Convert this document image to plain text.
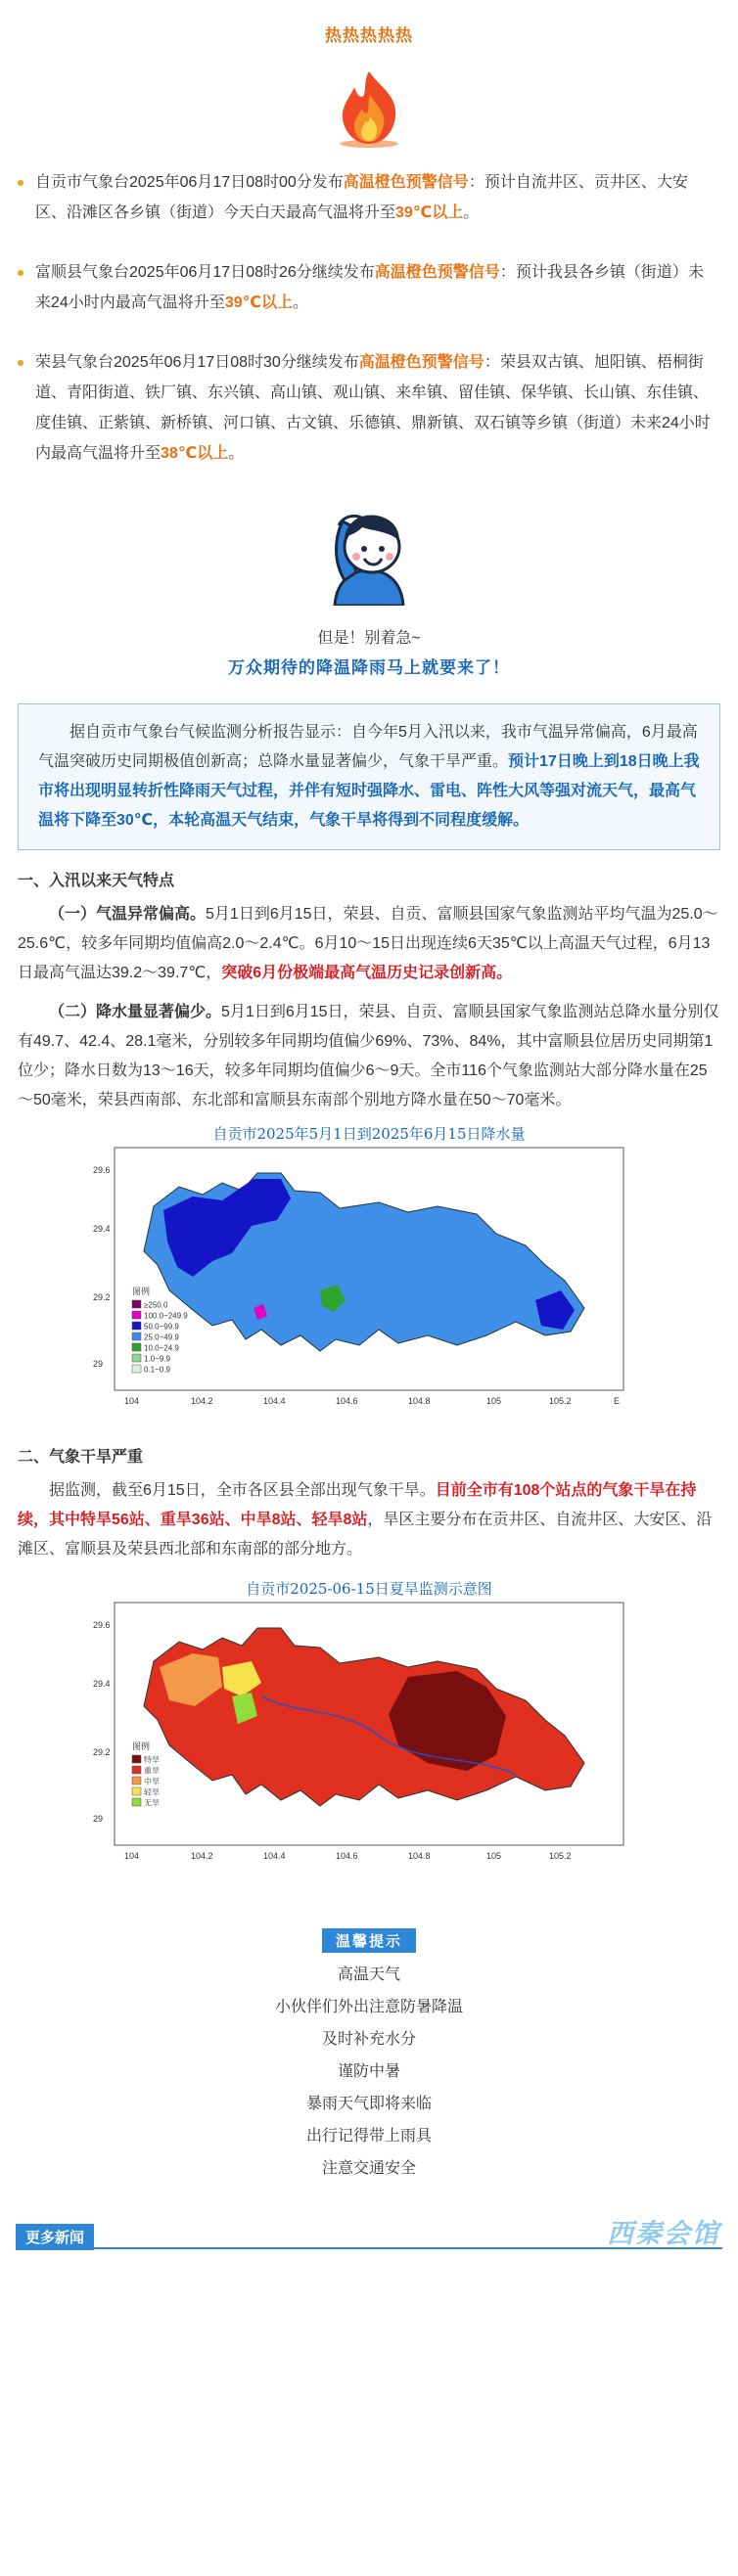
热热热热热
自贡市气象台2025年06月17日08时00分发布高温橙色预警信号：预计自流井区、贡井区、大安区、沿滩区各乡镇（街道）今天白天最高气温将升至39℃以上。
富顺县气象台2025年06月17日08时26分继续发布高温橙色预警信号：预计我县各乡镇（街道）未来24小时内最高气温将升至39℃以上。
荣县气象台2025年06月17日08时30分继续发布高温橙色预警信号：荣县双古镇、旭阳镇、梧桐街道、青阳街道、铁厂镇、东兴镇、高山镇、观山镇、来牟镇、留佳镇、保华镇、长山镇、东佳镇、度佳镇、正紫镇、新桥镇、河口镇、古文镇、乐德镇、鼎新镇、双石镇等乡镇（街道）未来24小时内最高气温将升至38℃以上。
但是！别着急~
万众期待的降温降雨马上就要来了！
据自贡市气象台气候监测分析报告显示：自今年5月入汛以来，我市气温异常偏高，6月最高气温突破历史同期极值创新高；总降水量显著偏少，气象干旱严重。预计17日晚上到18日晚上我市将出现明显转折性降雨天气过程，并伴有短时强降水、雷电、阵性大风等强对流天气，最高气温将下降至30℃，本轮高温天气结束，气象干旱将得到不同程度缓解。
一、入汛以来天气特点

（一）气温异常偏高。5月1日到6月15日，荣县、自贡、富顺县国家气象监测站平均气温为25.0～25.6℃，较多年同期均值偏高2.0～2.4℃。6月10～15日出现连续6天35℃以上高温天气过程，6月13日最高气温达39.2～39.7℃，突破6月份极端最高气温历史记录创新高。

（二）降水量显著偏少。5月1日到6月15日，荣县、自贡、富顺县国家气象监测站总降水量分别仅有49.7、42.4、28.1毫米，分别较多年同期均值偏少69%、73%、84%，其中富顺县位居历史同期第1位少；降水日数为13～16天，较多年同期均值偏少6～9天。全市116个气象监测站大部分降水量在25～50毫米，荣县西南部、东北部和富顺县东南部个别地方降水量在50～70毫米。

自贡市2025年5月1日到2025年6月15日降水量
29.6
29.4
29.2
29
104	104.2	104.4	104.6	104.8	105	105.2	E
图例
≥250.0
100.0~249.9
50.0~99.9
25.0~49.9
10.0~24.9
1.0~9.9
0.1~0.9
二、气象干旱严重

据监测，截至6月15日，全市各区县全部出现气象干旱。目前全市有108个站点的气象干旱在持续，其中特旱56站、重旱36站、中旱8站、轻旱8站，旱区主要分布在贡井区、自流井区、大安区、沿滩区、富顺县及荣县西北部和东南部的部分地方。

自贡市2025-06-15日夏旱监测示意图
29.6
29.4
29.2
29
104	104.2	104.4	104.6	104.8	105	105.2
图例
特旱
重旱
中旱
轻旱
无旱
温馨提示
高温天气
小伙伴们外出注意防暑降温
及时补充水分
谨防中暑
暴雨天气即将来临
出行记得带上雨具
注意交通安全
更多新闻	西秦会馆
